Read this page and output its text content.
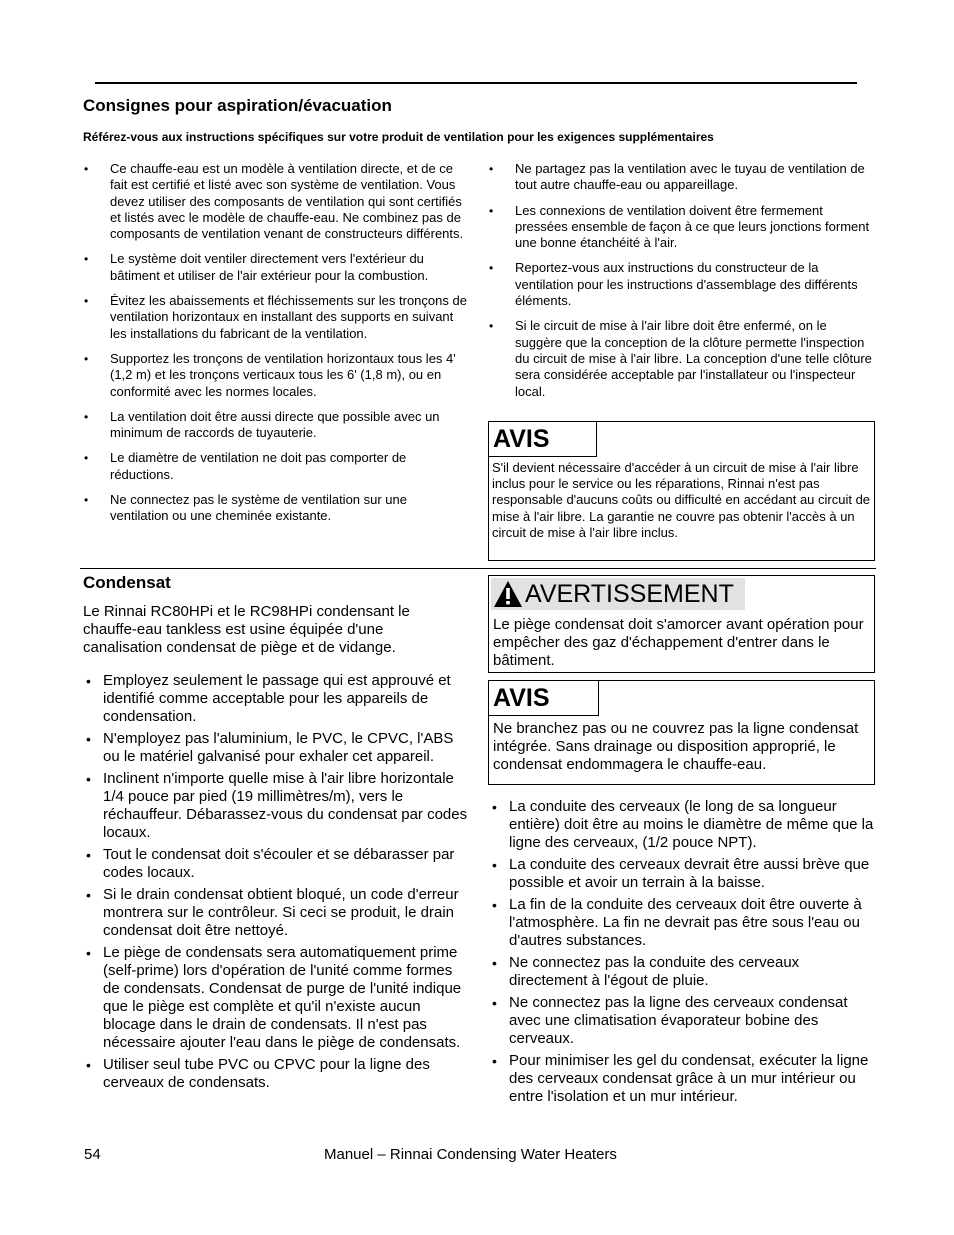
Consignes pour aspiration/évacuation
Référez-vous aux instructions spécifiques sur votre produit de ventilation pour les exigences supplémentaires
• Ce chauffe-eau est un modèle à ventilation directe, et de ce fait est certifié et listé avec son système de ventilation. Vous devez utiliser des composants de ventilation qui sont certifiés et listés avec le modèle de chauffe-eau. Ne combinez pas de composants de ventilation venant de constructeurs différents.
• Le système doit ventiler directement vers l'extérieur du bâtiment et utiliser de l'air extérieur pour la combustion.
• Évitez les abaissements et fléchissements sur les tronçons de ventilation horizontaux en installant des supports en suivant les installations du fabricant de la ventilation.
• Supportez les tronçons de ventilation horizontaux tous les 4' (1,2 m) et les tronçons verticaux tous les 6' (1,8 m), ou en conformité avec les normes locales.
• La ventilation doit être aussi directe que possible avec un minimum de raccords de tuyauterie.
• Le diamètre de ventilation ne doit pas comporter de réductions.
• Ne connectez pas le système de ventilation sur une ventilation ou une cheminée existante.
• Ne partagez pas la ventilation avec le tuyau de ventilation de tout autre chauffe-eau ou appareillage.
• Les connexions de ventilation doivent être fermement pressées ensemble de façon à ce que leurs jonctions forment une bonne étanchéité à l'air.
• Reportez-vous aux instructions du constructeur de la ventilation pour les instructions d'assemblage des différents éléments.
• Si le circuit de mise à l'air libre doit être enfermé, on le suggère que la conception de la clôture permette l'inspection du circuit de mise à l'air libre. La conception d'une telle clôture sera considérée acceptable par l'installateur ou l'inspecteur local.
AVIS
S'il devient nécessaire d'accéder à un circuit de mise à l'air libre inclus pour le service ou les réparations, Rinnai n'est pas responsable d'aucuns coûts ou difficulté en accédant au circuit de mise à l'air libre. La garantie ne couvre pas obtenir l'accès à un circuit de mise à l'air libre inclus.
Condensat
Le Rinnai RC80HPi et le RC98HPi condensant le chauffe-eau tankless est usine équipée d'une canalisation condensat de piège et de vidange.
• Employez seulement le passage qui est approuvé et identifié comme acceptable pour les appareils de condensation.
• N'employez pas l'aluminium, le PVC, le CPVC, l'ABS ou le matériel galvanisé pour exhaler cet appareil.
• Inclinent n'importe quelle mise à l'air libre horizontale 1/4 pouce par pied (19 millimètres/m), vers le réchauffeur. Débarassez-vous du condensat par codes locaux.
• Tout le condensat doit s'écouler et se débarasser par codes locaux.
• Si le drain condensat obtient bloqué, un code d'erreur montrera sur le contrôleur. Si ceci se produit, le drain condensat doit être nettoyé.
• Le piège de condensats sera automatiquement prime (self-prime) lors d'opération de l'unité comme formes de condensats. Condensat de purge de l'unité indique que le piège est complète et qu'il n'existe aucun blocage dans le drain de condensats. Il n'est pas nécessaire ajouter l'eau dans le piège de condensats.
• Utiliser seul tube PVC ou CPVC pour la ligne des cerveaux de condensats.
AVERTISSEMENT
Le piège condensat doit s'amorcer avant opération pour empêcher des gaz d'échappement d'entrer dans le bâtiment.
AVIS
Ne branchez pas ou ne couvrez pas la ligne condensat intégrée. Sans drainage ou disposition approprié, le condensat endommagera le chauffe-eau.
• La conduite des cerveaux (le long de sa longueur entière) doit être au moins le diamètre de même que la ligne des cerveaux, (1/2 pouce NPT).
• La conduite des cerveaux devrait être aussi brève que possible et avoir un terrain à la baisse.
• La fin de la conduite des cerveaux doit être ouverte à l'atmosphère. La fin ne devrait pas être sous l'eau ou d'autres substances.
• Ne connectez pas la conduite des cerveaux directement à l'égout de pluie.
• Ne connectez pas la ligne des cerveaux condensat avec une climatisation évaporateur bobine des cerveaux.
• Pour minimiser les gel du condensat, exécuter la ligne des cerveaux condensat grâce à un mur intérieur ou entre l'isolation et un mur intérieur.
54	Manuel – Rinnai Condensing Water Heaters
